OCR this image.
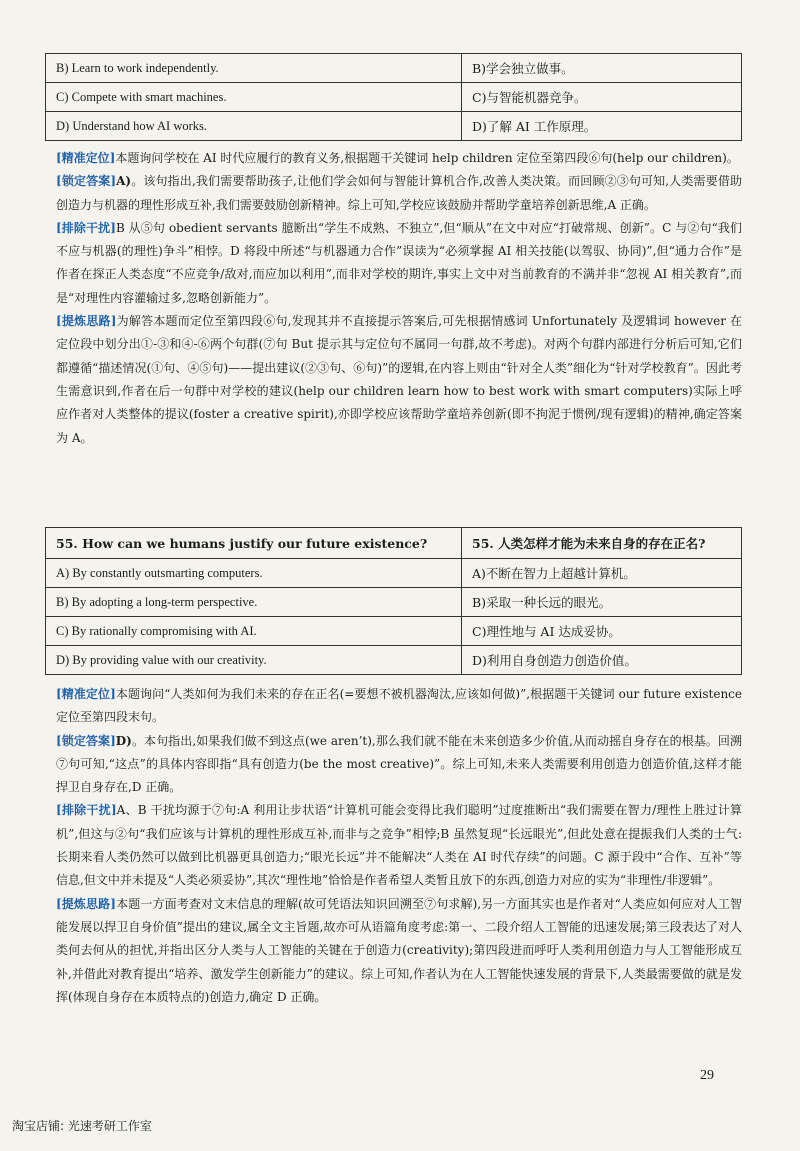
B) Learn to work independently.	B)学会独立做事。
C) Compete with smart machines.	C)与智能机器竞争。
D) Understand how AI works.	D)了解 AI 工作原理。
[精准定位]本题询问学校在 AI 时代应履行的教育义务,根据题干关键词 help children 定位至第四段⑥句(help our children)。
[锁定答案]A)。该句指出,我们需要帮助孩子,让他们学会如何与智能计算机合作,改善人类决策。而回顾②③句可知,人类需要借助创造力与机器的理性形成互补,我们需要鼓励创新精神。综上可知,学校应该鼓励并帮助学童培养创新思维,A 正确。
[排除干扰]B 从⑤句 obedient servants 臆断出“学生不成熟、不独立”,但“顺从”在文中对应“打破常规、创新”。C 与②句“我们不应与机器(的理性)争斗”相悖。D 将段中所述“与机器通力合作”误读为“必须掌握 AI 相关技能(以驾驭、协同)”,但“通力合作”是作者在探正人类态度“不应竞争/敌对,而应加以利用”,而非对学校的期许,事实上文中对当前教育的不满并非“忽视 AI 相关教育”,而是“对理性内容灌输过多,忽略创新能力”。
[提炼思路]为解答本题而定位至第四段⑥句,发现其并不直接提示答案后,可先根据情感词 Unfortunately 及逻辑词 however 在定位段中划分出①-③和④-⑥两个句群(⑦句 But 提示其与定位句不属同一句群,故不考虑)。对两个句群内部进行分析后可知,它们都遵循“描述情况(①句、④⑤句)——提出建议(②③句、⑥句)”的逻辑,在内容上则由“针对全人类”细化为“针对学校教育”。因此考生需意识到,作者在后一句群中对学校的建议(help our children learn how to best work with smart computers)实际上呼应作者对人类整体的提议(foster a creative spirit),亦即学校应该帮助学童培养创新(即不拘泥于惯例/现有逻辑)的精神,确定答案为 A。
55. How can we humans justify our future existence?	55. 人类怎样才能为未来自身的存在正名?
A) By constantly outsmarting computers.	A)不断在智力上超越计算机。
B) By adopting a long-term perspective.	B)采取一种长远的眼光。
C) By rationally compromising with AI.	C)理性地与 AI 达成妥协。
D) By providing value with our creativity.	D)利用自身创造力创造价值。
[精准定位]本题询问“人类如何为我们未来的存在正名(=要想不被机器淘汰,应该如何做)”,根据题干关键词 our future existence 定位至第四段末句。
[锁定答案]D)。本句指出,如果我们做不到这点(we aren’t),那么我们就不能在未来创造多少价值,从而动摇自身存在的根基。回溯⑦句可知,“这点”的具体内容即指“具有创造力(be the most creative)”。综上可知,未来人类需要利用创造力创造价值,这样才能捍卫自身存在,D 正确。
[排除干扰]A、B 干扰均源于⑦句:A 利用让步状语“计算机可能会变得比我们聪明”过度推断出“我们需要在智力/理性上胜过计算机”,但这与②句“我们应该与计算机的理性形成互补,而非与之竞争”相悖;B 虽然复现“长远眼光”,但此处意在提振我们人类的士气:长期来看人类仍然可以做到比机器更具创造力;“眼光长远”并不能解决“人类在 AI 时代存续”的问题。C 源于段中“合作、互补”等信息,但文中并未提及“人类必须妥协”,其次“理性地”恰恰是作者希望人类暂且放下的东西,创造力对应的实为“非理性/非逻辑”。
[提炼思路]本题一方面考查对文末信息的理解(故可凭语法知识回溯至⑦句求解),另一方面其实也是作者对“人类应如何应对人工智能发展以捍卫自身价值”提出的建议,属全文主旨题,故亦可从语篇角度考虑:第一、二段介绍人工智能的迅速发展;第三段表达了对人类何去何从的担忧,并指出区分人类与人工智能的关键在于创造力(creativity);第四段进而呼吁人类利用创造力与人工智能形成互补,并借此对教育提出“培养、激发学生创新能力”的建议。综上可知,作者认为在人工智能快速发展的背景下,人类最需要做的就是发挥(体现自身存在本质特点的)创造力,确定 D 正确。
29
淘宝店铺: 光速考研工作室
